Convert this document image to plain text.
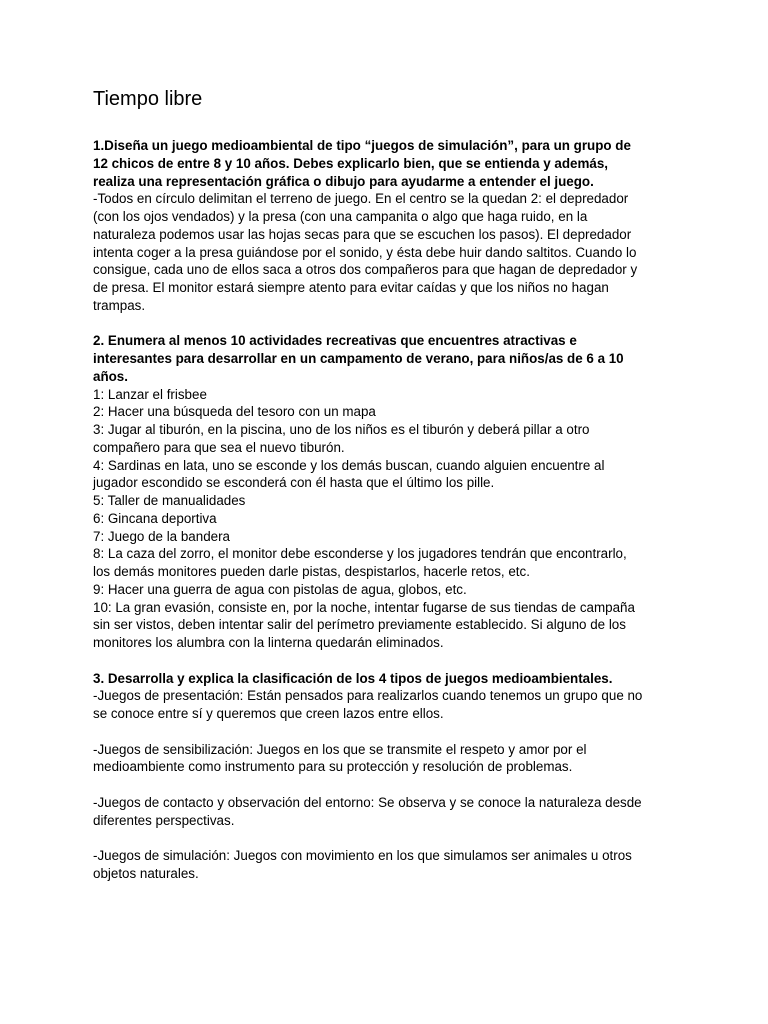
Tiempo libre
1.Diseña un juego medioambiental de tipo “juegos de simulación”, para un grupo de
12 chicos de entre 8 y 10 años. Debes explicarlo bien, que se entienda y además,
realiza una representación gráfica o dibujo para ayudarme a entender el juego.
-Todos en círculo delimitan el terreno de juego. En el centro se la quedan 2: el depredador
(con los ojos vendados) y la presa (con una campanita o algo que haga ruido, en la
naturaleza podemos usar las hojas secas para que se escuchen los pasos). El depredador
intenta coger a la presa guiándose por el sonido, y ésta debe huir dando saltitos. Cuando lo
consigue, cada uno de ellos saca a otros dos compañeros para que hagan de depredador y
de presa. El monitor estará siempre atento para evitar caídas y que los niños no hagan
trampas.
2. Enumera al menos 10 actividades recreativas que encuentres atractivas e
interesantes para desarrollar en un campamento de verano, para niños/as de 6 a 10
años.
1: Lanzar el frisbee
2: Hacer una búsqueda del tesoro con un mapa
3: Jugar al tiburón, en la piscina, uno de los niños es el tiburón y deberá pillar a otro
compañero para que sea el nuevo tiburón.
4: Sardinas en lata, uno se esconde y los demás buscan, cuando alguien encuentre al
jugador escondido se esconderá con él hasta que el último los pille.
5: Taller de manualidades
6: Gincana deportiva
7: Juego de la bandera
8: La caza del zorro, el monitor debe esconderse y los jugadores tendrán que encontrarlo,
los demás monitores pueden darle pistas, despistarlos, hacerle retos, etc.
9: Hacer una guerra de agua con pistolas de agua, globos, etc.
10: La gran evasión, consiste en, por la noche, intentar fugarse de sus tiendas de campaña
sin ser vistos, deben intentar salir del perímetro previamente establecido. Si alguno de los
monitores los alumbra con la linterna quedarán eliminados.
3. Desarrolla y explica la clasificación de los 4 tipos de juegos medioambientales.
-Juegos de presentación: Están pensados para realizarlos cuando tenemos un grupo que no
se conoce entre sí y queremos que creen lazos entre ellos.
-Juegos de sensibilización: Juegos en los que se transmite el respeto y amor por el
medioambiente como instrumento para su protección y resolución de problemas.
-Juegos de contacto y observación del entorno: Se observa y se conoce la naturaleza desde
diferentes perspectivas.
-Juegos de simulación: Juegos con movimiento en los que simulamos ser animales u otros
objetos naturales.
